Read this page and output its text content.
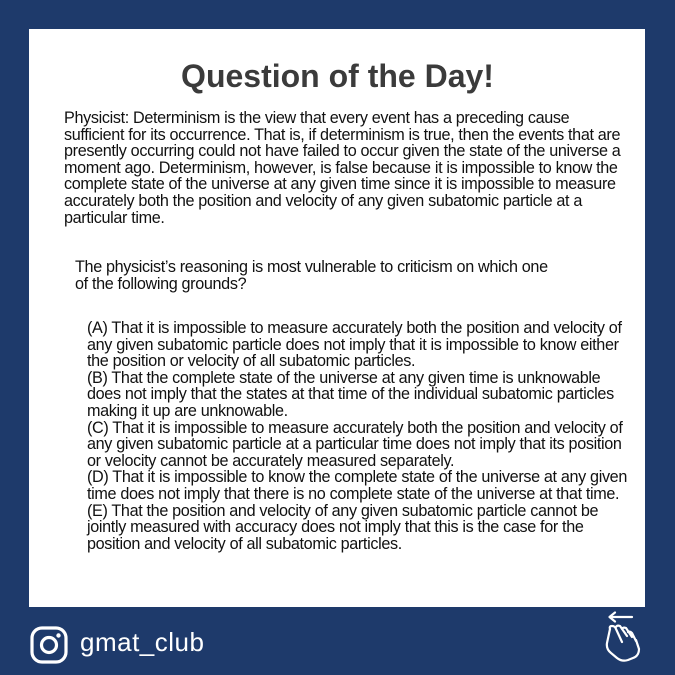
Question of the Day!

Physicist: Determinism is the view that every event has a preceding cause sufficient for its occurrence. That is, if determinism is true, then the events that are presently occurring could not have failed to occur given the state of the universe a moment ago. Determinism, however, is false because it is impossible to know the complete state of the universe at any given time since it is impossible to measure accurately both the position and velocity of any given subatomic particle at a particular time.

The physicist’s reasoning is most vulnerable to criticism on which one of the following grounds?

(A) That it is impossible to measure accurately both the position and velocity of any given subatomic particle does not imply that it is impossible to know either the position or velocity of all subatomic particles.
(B) That the complete state of the universe at any given time is unknowable does not imply that the states at that time of the individual subatomic particles making it up are unknowable.
(C) That it is impossible to measure accurately both the position and velocity of any given subatomic particle at a particular time does not imply that its position or velocity cannot be accurately measured separately.
(D) That it is impossible to know the complete state of the universe at any given time does not imply that there is no complete state of the universe at that time.
(E) That the position and velocity of any given subatomic particle cannot be jointly measured with accuracy does not imply that this is the case for the position and velocity of all subatomic particles.
gmat_club
